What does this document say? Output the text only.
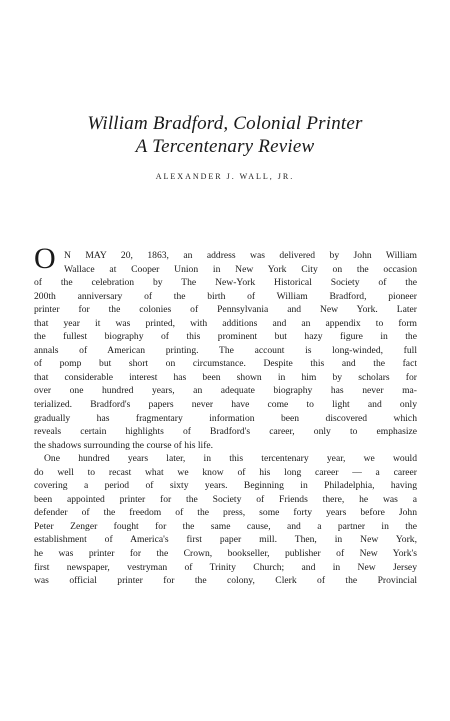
William Bradford, Colonial Printer
A Tercentenary Review
ALEXANDER J. WALL, JR.
O N MAY 20, 1863, an address was delivered by John William
Wallace at Cooper Union in New York City on the occasion
of the celebration by The New-York Historical Society of the
200th anniversary of the birth of William Bradford, pioneer
printer for the colonies of Pennsylvania and New York. Later
that year it was printed, with additions and an appendix to form
the fullest biography of this prominent but hazy figure in the
annals of American printing. The account is long-winded, full
of pomp but short on circumstance. Despite this and the fact
that considerable interest has been shown in him by scholars for
over one hundred years, an adequate biography has never ma-
terialized. Bradford's papers never have come to light and only
gradually has fragmentary information been discovered which
reveals certain highlights of Bradford's career, only to emphasize
the shadows surrounding the course of his life.
One hundred years later, in this tercentenary year, we would
do well to recast what we know of his long career — a career
covering a period of sixty years. Beginning in Philadelphia, having
been appointed printer for the Society of Friends there, he was a
defender of the freedom of the press, some forty years before John
Peter Zenger fought for the same cause, and a partner in the
establishment of America's first paper mill. Then, in New York,
he was printer for the Crown, bookseller, publisher of New York's
first newspaper, vestryman of Trinity Church; and in New Jersey
was official printer for the colony, Clerk of the Provincial
